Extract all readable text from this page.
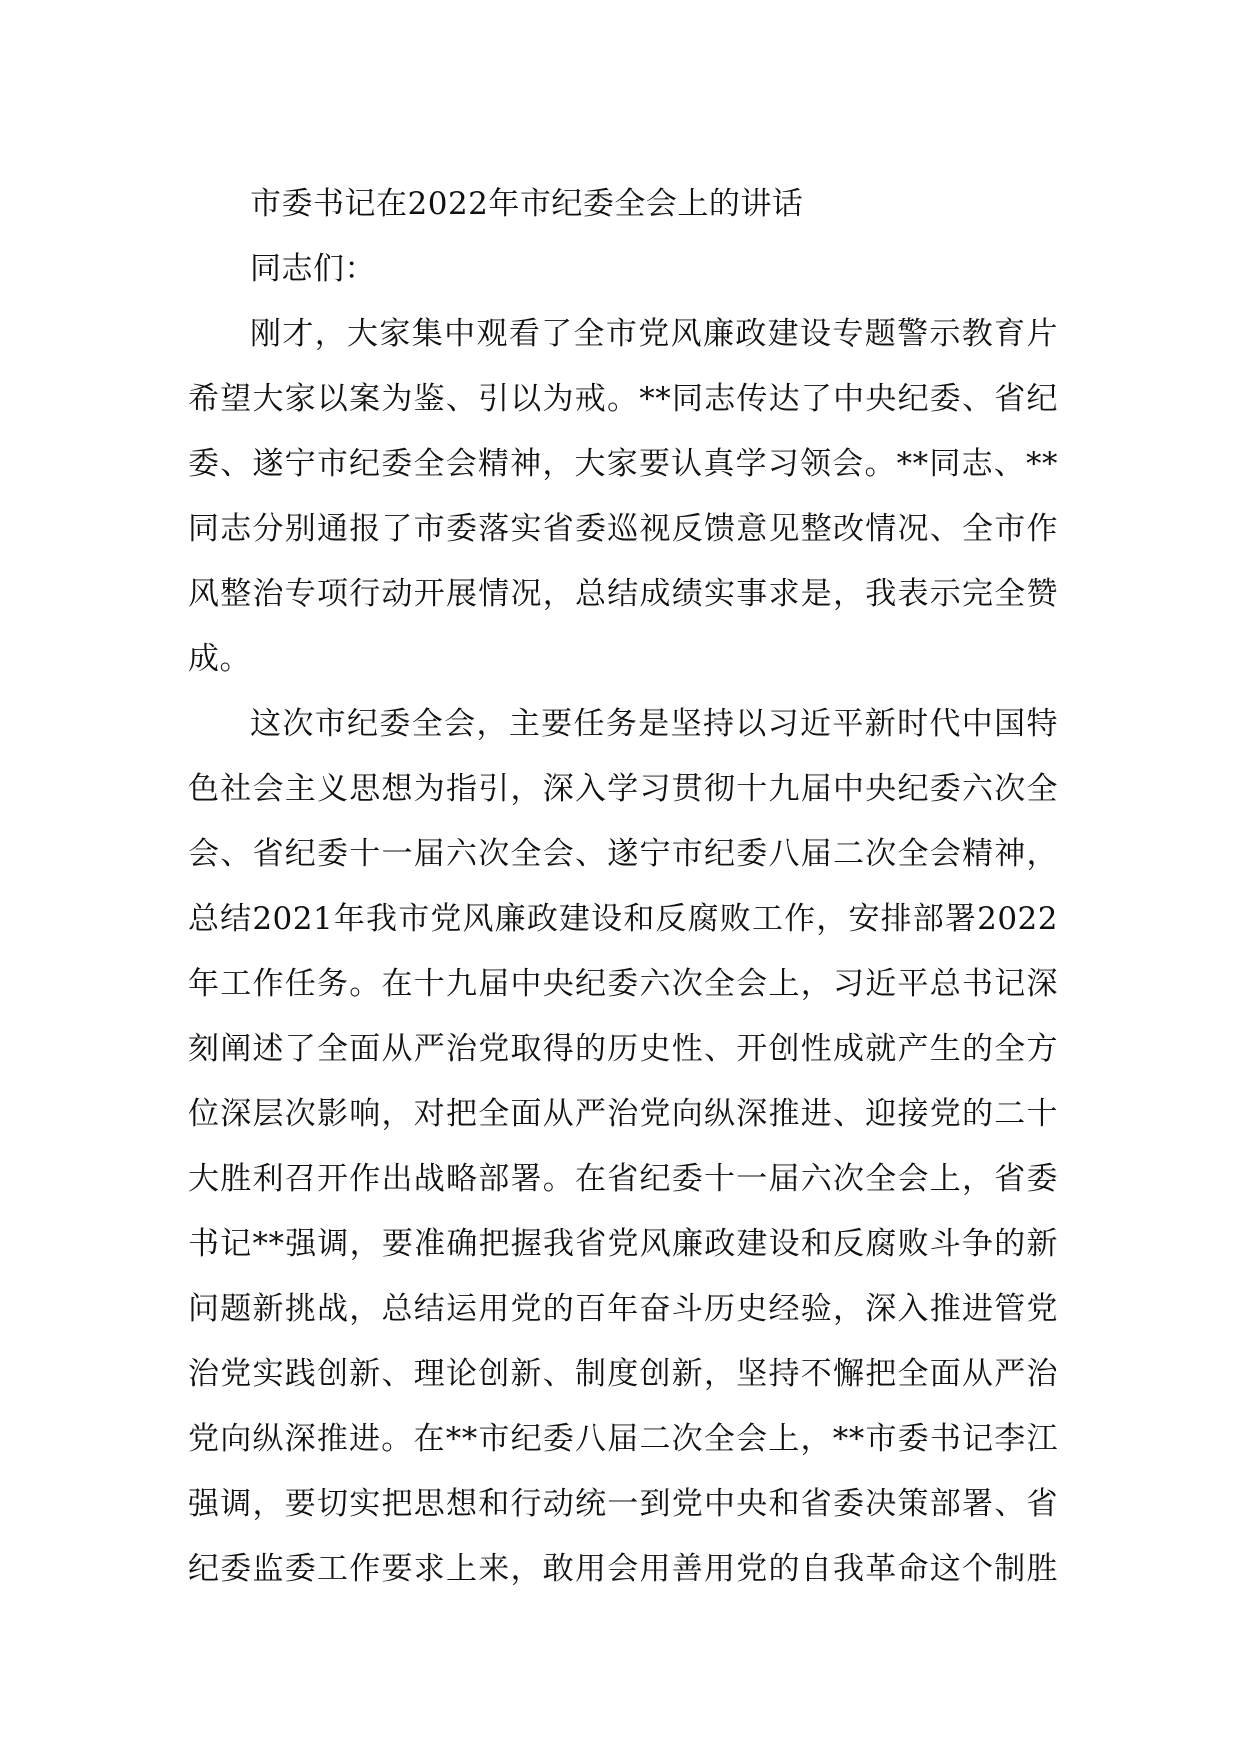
市委书记在2022年市纪委全会上的讲话
同志们：
刚才，大家集中观看了全市党风廉政建设专题警示教育片
希望大家以案为鉴、引以为戒。**同志传达了中央纪委、省纪
委、遂宁市纪委全会精神，大家要认真学习领会。**同志、**
同志分别通报了市委落实省委巡视反馈意见整改情况、全市作
风整治专项行动开展情况，总结成绩实事求是，我表示完全赞
成。
这次市纪委全会，主要任务是坚持以习近平新时代中国特
色社会主义思想为指引，深入学习贯彻十九届中央纪委六次全
会、省纪委十一届六次全会、遂宁市纪委八届二次全会精神，
总结2021年我市党风廉政建设和反腐败工作，安排部署2022
年工作任务。在十九届中央纪委六次全会上，习近平总书记深
刻阐述了全面从严治党取得的历史性、开创性成就产生的全方
位深层次影响，对把全面从严治党向纵深推进、迎接党的二十
大胜利召开作出战略部署。在省纪委十一届六次全会上，省委
书记**强调，要准确把握我省党风廉政建设和反腐败斗争的新
问题新挑战，总结运用党的百年奋斗历史经验，深入推进管党
治党实践创新、理论创新、制度创新，坚持不懈把全面从严治
党向纵深推进。在**市纪委八届二次全会上，**市委书记李江
强调，要切实把思想和行动统一到党中央和省委决策部署、省
纪委监委工作要求上来，敢用会用善用党的自我革命这个制胜
